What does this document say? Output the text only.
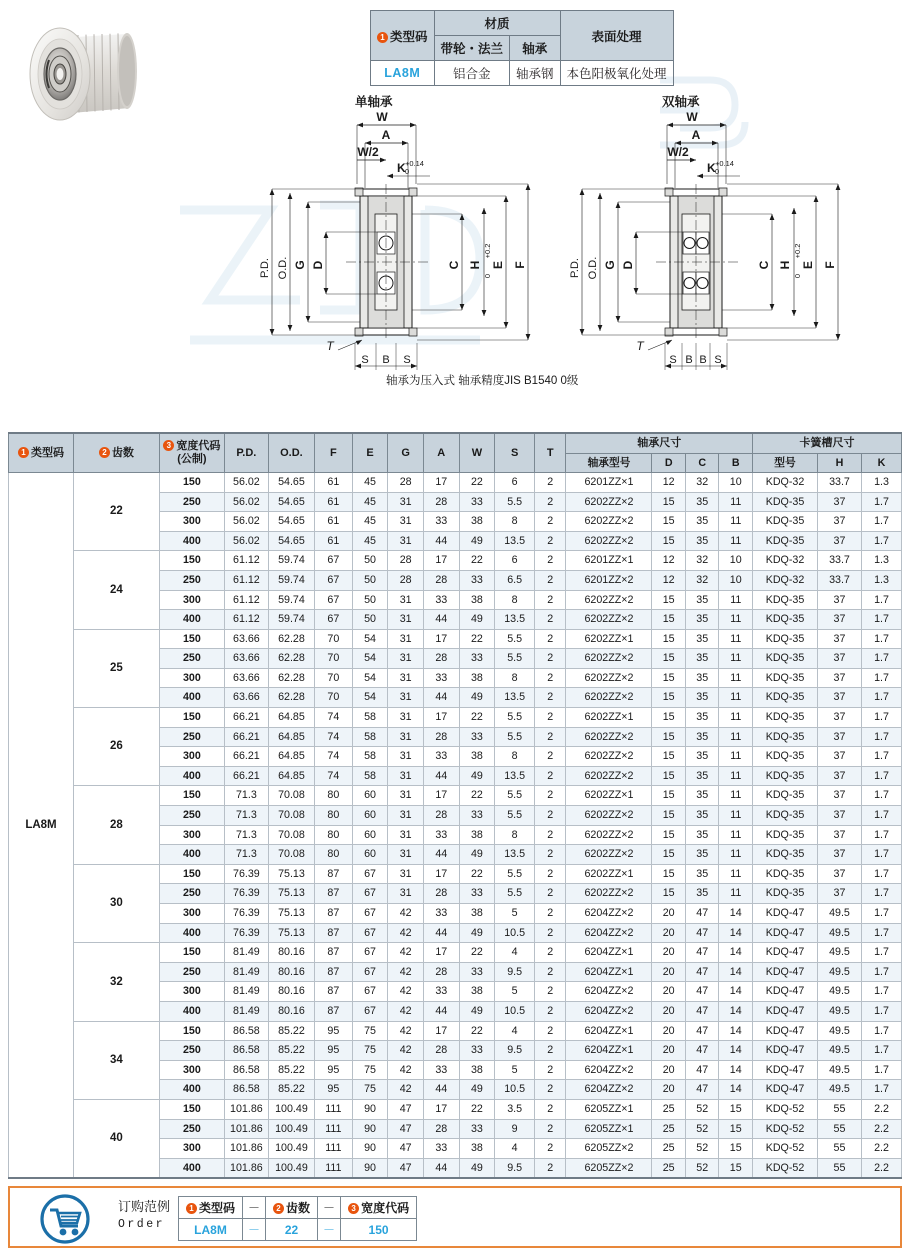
1 类型码	材质		表面处理
	带轮・法兰	轴承	
LA8M	铝合金	轴承钢	本色阳极氧化处理
单轴承	双轴承
W
A
W/2
K +0.14
0
P.D. O.D. G D	C H
+0.2
0
E F
T
S B S
W
A
W/2
K +0.14
0
P.D. O.D. G D	C H
+0.2
0
E F
T
S B B S
轴承为压入式 轴承精度JIS B1540 0级
1 类型码	2 齿数	3 宽度代码
(公制)	P.D.	O.D.	F	E	G	A	W	S	T	轴承尺寸				卡簧槽尺寸		
												轴承型号	D	C	B	型号	H	K
LA8M	22	150	56.02	54.65	61	45	28	17	22	6	2	6201ZZ×1	12	32	10	KDQ-32	33.7	1.3
		250	56.02	54.65	61	45	31	28	33	5.5	2	6202ZZ×2	15	35	11	KDQ-35	37	1.7
		300	56.02	54.65	61	45	31	33	38	8	2	6202ZZ×2	15	35	11	KDQ-35	37	1.7
		400	56.02	54.65	61	45	31	44	49	13.5	2	6202ZZ×2	15	35	11	KDQ-35	37	1.7
	24	150	61.12	59.74	67	50	28	17	22	6	2	6201ZZ×1	12	32	10	KDQ-32	33.7	1.3
		250	61.12	59.74	67	50	28	28	33	6.5	2	6201ZZ×2	12	32	10	KDQ-32	33.7	1.3
		300	61.12	59.74	67	50	31	33	38	8	2	6202ZZ×2	15	35	11	KDQ-35	37	1.7
		400	61.12	59.74	67	50	31	44	49	13.5	2	6202ZZ×2	15	35	11	KDQ-35	37	1.7
	25	150	63.66	62.28	70	54	31	17	22	5.5	2	6202ZZ×1	15	35	11	KDQ-35	37	1.7
		250	63.66	62.28	70	54	31	28	33	5.5	2	6202ZZ×2	15	35	11	KDQ-35	37	1.7
		300	63.66	62.28	70	54	31	33	38	8	2	6202ZZ×2	15	35	11	KDQ-35	37	1.7
		400	63.66	62.28	70	54	31	44	49	13.5	2	6202ZZ×2	15	35	11	KDQ-35	37	1.7
	26	150	66.21	64.85	74	58	31	17	22	5.5	2	6202ZZ×1	15	35	11	KDQ-35	37	1.7
		250	66.21	64.85	74	58	31	28	33	5.5	2	6202ZZ×2	15	35	11	KDQ-35	37	1.7
		300	66.21	64.85	74	58	31	33	38	8	2	6202ZZ×2	15	35	11	KDQ-35	37	1.7
		400	66.21	64.85	74	58	31	44	49	13.5	2	6202ZZ×2	15	35	11	KDQ-35	37	1.7
	28	150	71.3	70.08	80	60	31	17	22	5.5	2	6202ZZ×1	15	35	11	KDQ-35	37	1.7
		250	71.3	70.08	80	60	31	28	33	5.5	2	6202ZZ×2	15	35	11	KDQ-35	37	1.7
		300	71.3	70.08	80	60	31	33	38	8	2	6202ZZ×2	15	35	11	KDQ-35	37	1.7
		400	71.3	70.08	80	60	31	44	49	13.5	2	6202ZZ×2	15	35	11	KDQ-35	37	1.7
	30	150	76.39	75.13	87	67	31	17	22	5.5	2	6202ZZ×1	15	35	11	KDQ-35	37	1.7
		250	76.39	75.13	87	67	31	28	33	5.5	2	6202ZZ×2	15	35	11	KDQ-35	37	1.7
		300	76.39	75.13	87	67	42	33	38	5	2	6204ZZ×2	20	47	14	KDQ-47	49.5	1.7
		400	76.39	75.13	87	67	42	44	49	10.5	2	6204ZZ×2	20	47	14	KDQ-47	49.5	1.7
	32	150	81.49	80.16	87	67	42	17	22	4	2	6204ZZ×1	20	47	14	KDQ-47	49.5	1.7
		250	81.49	80.16	87	67	42	28	33	9.5	2	6204ZZ×1	20	47	14	KDQ-47	49.5	1.7
		300	81.49	80.16	87	67	42	33	38	5	2	6204ZZ×2	20	47	14	KDQ-47	49.5	1.7
		400	81.49	80.16	87	67	42	44	49	10.5	2	6204ZZ×2	20	47	14	KDQ-47	49.5	1.7
	34	150	86.58	85.22	95	75	42	17	22	4	2	6204ZZ×1	20	47	14	KDQ-47	49.5	1.7
		250	86.58	85.22	95	75	42	28	33	9.5	2	6204ZZ×1	20	47	14	KDQ-47	49.5	1.7
		300	86.58	85.22	95	75	42	33	38	5	2	6204ZZ×2	20	47	14	KDQ-47	49.5	1.7
		400	86.58	85.22	95	75	42	44	49	10.5	2	6204ZZ×2	20	47	14	KDQ-47	49.5	1.7
	40	150	101.86	100.49	111	90	47	17	22	3.5	2	6205ZZ×1	25	52	15	KDQ-52	55	2.2
		250	101.86	100.49	111	90	47	28	33	9	2	6205ZZ×1	25	52	15	KDQ-52	55	2.2
		300	101.86	100.49	111	90	47	33	38	4	2	6205ZZ×2	25	52	15	KDQ-52	55	2.2
		400	101.86	100.49	111	90	47	44	49	9.5	2	6205ZZ×2	25	52	15	KDQ-52	55	2.2
订购范例
Order
1 类型码	－	2 齿数	－	3 宽度代码
LA8M	－	22	－	150
